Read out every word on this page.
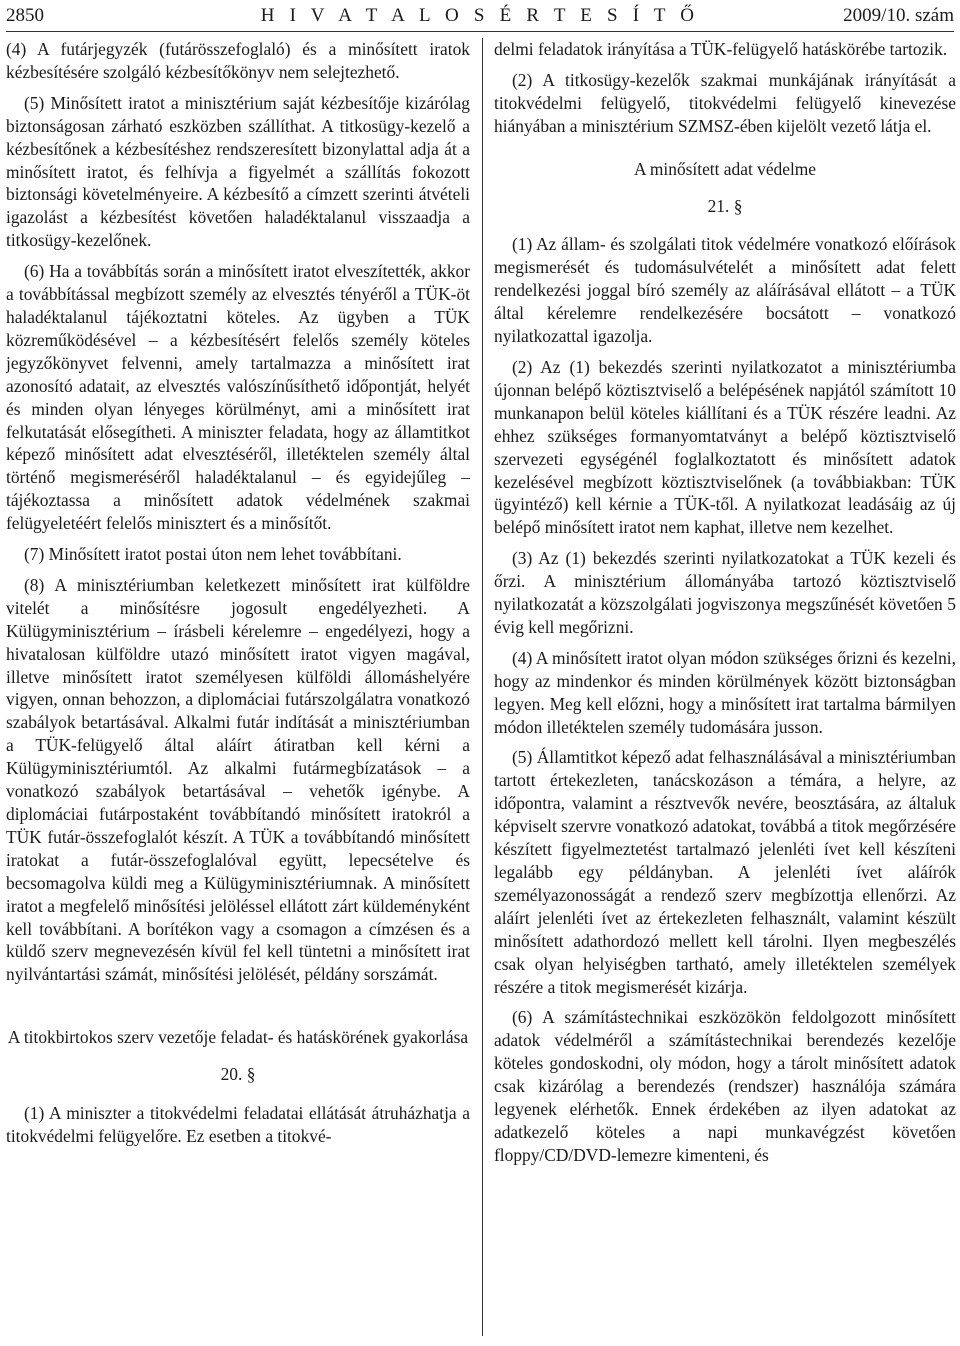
2850	H I V A T A L O S É R T E S Í T Ő	2009/10. szám

(4) A futárjegyzék (futárösszefoglaló) és a minősített iratok kézbesítésére szolgáló kézbesítőkönyv nem selejtezhető.

(5) Minősített iratot a minisztérium saját kézbesítője kizárólag biztonságosan zárható eszközben szállíthat. A titkosügy-kezelő a kézbesítőnek a kézbesítéshez rendszeresített bizonylattal adja át a minősített iratot, és felhívja a figyelmét a szállítás fokozott biztonsági követelményeire. A kézbesítő a címzett szerinti átvételi igazolást a kézbesítést követően haladéktalanul visszaadja a titkosügy-kezelőnek.

(6) Ha a továbbítás során a minősített iratot elveszítették, akkor a továbbítással megbízott személy az elvesztés tényéről a TÜK-öt haladéktalanul tájékoztatni köteles. Az ügyben a TÜK közreműködésével – a kézbesítésért felelős személy köteles jegyzőkönyvet felvenni, amely tartalmazza a minősített irat azonosító adatait, az elvesztés valószínűsíthető időpontját, helyét és minden olyan lényeges körülményt, ami a minősített irat felkutatását elősegítheti. A miniszter feladata, hogy az államtitkot képező minősített adat elvesztéséről, illetéktelen személy által történő megismeréséről haladéktalanul – és egyidejűleg – tájékoztassa a minősített adatok védelmének szakmai felügyeletéért felelős minisztert és a minősítőt.

(7) Minősített iratot postai úton nem lehet továbbítani.

(8) A minisztériumban keletkezett minősített irat külföldre vitelét a minősítésre jogosult engedélyezheti. A Külügyminisztérium – írásbeli kérelemre – engedélyezi, hogy a hivatalosan külföldre utazó minősített iratot vigyen magával, illetve minősített iratot személyesen külföldi állomáshelyére vigyen, onnan behozzon, a diplomáciai futárszolgálatra vonatkozó szabályok betartásával. Alkalmi futár indítását a minisztériumban a TÜK-felügyelő által aláírt átiratban kell kérni a Külügyminisztériumtól. Az alkalmi futármegbízatások – a vonatkozó szabályok betartásával – vehetők igénybe. A diplomáciai futárpostaként továbbítandó minősített iratokról a TÜK futár-összefoglalót készít. A TÜK a továbbítandó minősített iratokat a futár-összefoglalóval együtt, lepecsételve és becsomagolva küldi meg a Külügyminisztériumnak. A minősített iratot a megfelelő minősítési jelöléssel ellátott zárt küldeményként kell továbbítani. A borítékon vagy a csomagon a címzésen és a küldő szerv megnevezésén kívül fel kell tüntetni a minősített irat nyilvántartási számát, minősítési jelölését, példány sorszámát.

A titokbirtokos szerv vezetője feladat- és hatáskörének gyakorlása
20. §

(1) A miniszter a titokvédelmi feladatai ellátását átruházhatja a titokvédelmi felügyelőre. Ez esetben a titokvé-

delmi feladatok irányítása a TÜK-felügyelő hatáskörébe tartozik.

(2) A titkosügy-kezelők szakmai munkájának irányítását a titokvédelmi felügyelő, titokvédelmi felügyelő kinevezése hiányában a minisztérium SZMSZ-ében kijelölt vezető látja el.

A minősített adat védelme
21. §

(1) Az állam- és szolgálati titok védelmére vonatkozó előírások megismerését és tudomásulvételét a minősített adat felett rendelkezési joggal bíró személy az aláírásával ellátott – a TÜK által kérelemre rendelkezésére bocsátott – vonatkozó nyilatkozattal igazolja.

(2) Az (1) bekezdés szerinti nyilatkozatot a minisztériumba újonnan belépő köztisztviselő a belépésének napjától számított 10 munkanapon belül köteles kiállítani és a TÜK részére leadni. Az ehhez szükséges formanyomtatványt a belépő köztisztviselő szervezeti egységénél foglalkoztatott és minősített adatok kezelésével megbízott köztisztviselőnek (a továbbiakban: TÜK ügyintéző) kell kérnie a TÜK-től. A nyilatkozat leadásáig az új belépő minősített iratot nem kaphat, illetve nem kezelhet.

(3) Az (1) bekezdés szerinti nyilatkozatokat a TÜK kezeli és őrzi. A minisztérium állományába tartozó köztisztviselő nyilatkozatát a közszolgálati jogviszonya megszűnését követően 5 évig kell megőrizni.

(4) A minősített iratot olyan módon szükséges őrizni és kezelni, hogy az mindenkor és minden körülmények között biztonságban legyen. Meg kell előzni, hogy a minősített irat tartalma bármilyen módon illetéktelen személy tudomására jusson.

(5) Államtitkot képező adat felhasználásával a minisztériumban tartott értekezleten, tanácskozáson a témára, a helyre, az időpontra, valamint a résztvevők nevére, beosztására, az általuk képviselt szervre vonatkozó adatokat, továbbá a titok megőrzésére készített figyelmeztetést tartalmazó jelenléti ívet kell készíteni legalább egy példányban. A jelenléti ívet aláírók személyazonosságát a rendező szerv megbízottja ellenőrzi. Az aláírt jelenléti ívet az értekezleten felhasznált, valamint készült minősített adathordozó mellett kell tárolni. Ilyen megbeszélés csak olyan helyiségben tartható, amely illetéktelen személyek részére a titok megismerését kizárja.

(6) A számítástechnikai eszközökön feldolgozott minősített adatok védelméről a számítástechnikai berendezés kezelője köteles gondoskodni, oly módon, hogy a tárolt minősített adatok csak kizárólag a berendezés (rendszer) használója számára legyenek elérhetők. Ennek érdekében az ilyen adatokat az adatkezelő köteles a napi munkavégzést követően floppy/CD/DVD-lemezre kimenteni, és
